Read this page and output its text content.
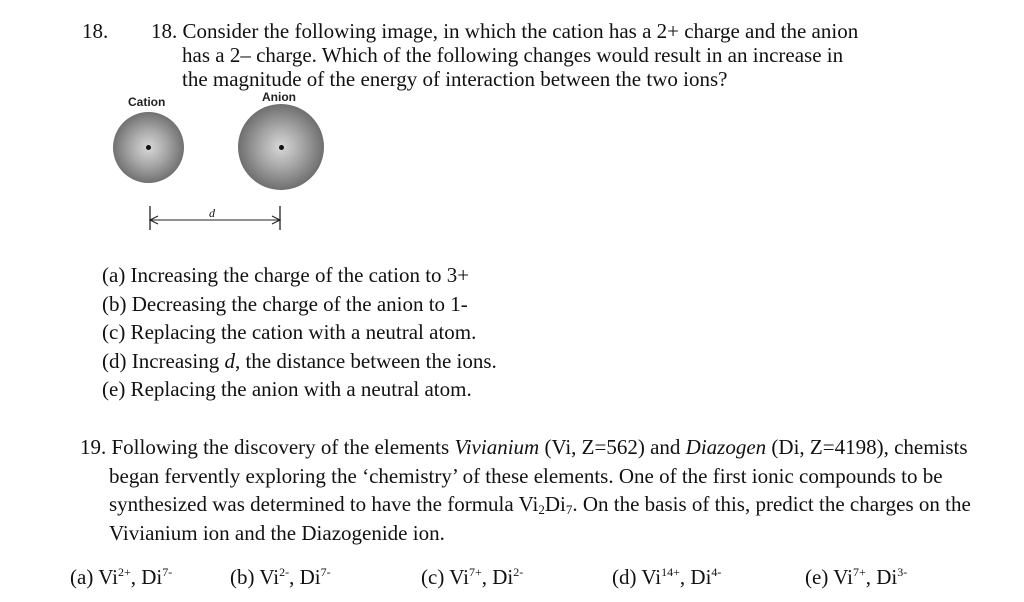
18. 18. Consider the following image, in which the cation has a 2+ charge and the anion
has a 2– charge. Which of the following changes would result in an increase in
the magnitude of the energy of interaction between the two ions?
Cation	Anion
d
(a) Increasing the charge of the cation to 3+
(b) Decreasing the charge of the anion to 1-
(c) Replacing the cation with a neutral atom.
(d) Increasing d, the distance between the ions.
(e) Replacing the anion with a neutral atom.
19. Following the discovery of the elements Vivianium (Vi, Z=562) and Diazogen (Di, Z=4198), chemists
began fervently exploring the ‘chemistry’ of these elements. One of the first ionic compounds to be
synthesized was determined to have the formula $Vi_2Di_7$. On the basis of this, predict the charges on the
Vivianium ion and the Diazogenide ion.
(a) $Vi^{2+}$, $Di^{7-}$	(b) $Vi^{2-}$, $Di^{7-}$	(c) $Vi^{7+}$, $Di^{2-}$	(d) $Vi^{14+}$, $Di^{4-}$	(e) $Vi^{7+}$, $Di^{3-}$
